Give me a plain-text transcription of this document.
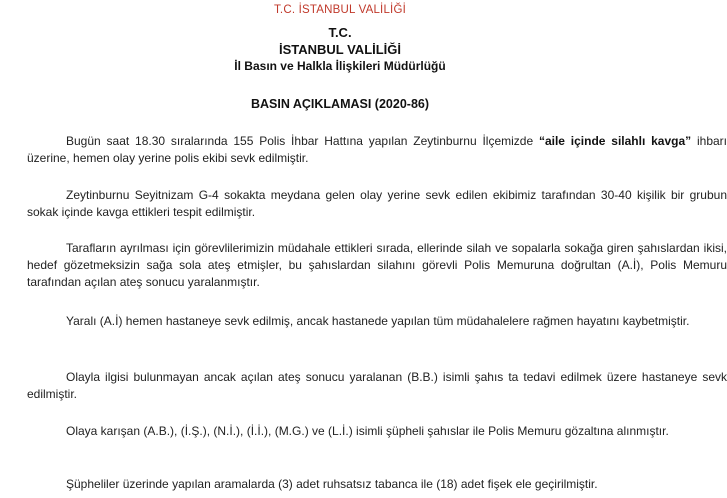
T.C. İSTANBUL VALİLİĞİ
T.C.
İSTANBUL VALİLİĞİ
İl Basın ve Halkla İlişkileri Müdürlüğü
BASIN AÇIKLAMASI (2020-86)

Bugün saat 18.30 sıralarında 155 Polis İhbar Hattına yapılan Zeytinburnu İlçemizde “aile içinde silahlı kavga” ihbarı üzerine, hemen olay yerine polis ekibi sevk edilmiştir.

Zeytinburnu Seyitnizam G-4 sokakta meydana gelen olay yerine sevk edilen ekibimiz tarafından 30-40 kişilik bir grubun sokak içinde kavga ettikleri tespit edilmiştir.

Tarafların ayrılması için görevlilerimizin müdahale ettikleri sırada, ellerinde silah ve sopalarla sokağa giren şahıslardan ikisi, hedef gözetmeksizin sağa sola ateş etmişler, bu şahıslardan silahını görevli Polis Memuruna doğrultan (A.İ), Polis Memuru tarafından açılan ateş sonucu yaralanmıştır.

Yaralı (A.İ) hemen hastaneye sevk edilmiş, ancak hastanede yapılan tüm müdahalelere rağmen hayatını kaybetmiştir.

Olayla ilgisi bulunmayan ancak açılan ateş sonucu yaralanan (B.B.) isimli şahıs ta tedavi edilmek üzere hastaneye sevk edilmiştir.

Olaya karışan (A.B.), (İ.Ş.), (N.İ.), (İ.İ.), (M.G.) ve (L.İ.) isimli şüpheli şahıslar ile Polis Memuru gözaltına alınmıştır.

Şüpheliler üzerinde yapılan aramalarda (3) adet ruhsatsız tabanca ile (18) adet fişek ele geçirilmiştir.
